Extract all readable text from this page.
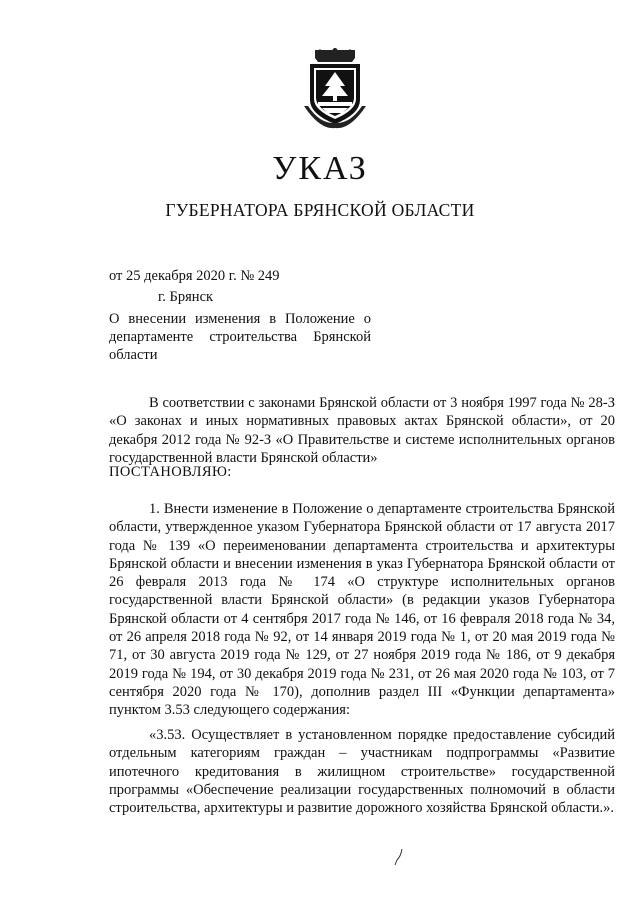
УКАЗ
ГУБЕРНАТОРА БРЯНСКОЙ ОБЛАСТИ
от 25 декабря 2020 г. № 249
г. Брянск
О внесении изменения в Положение о департаменте строительства Брянской области
В соответствии с законами Брянской области от 3 ноября 1997 года № 28-З «О законах и иных нормативных правовых актах Брянской области», от 20 декабря 2012 года № 92-З «О Правительстве и системе исполнительных органов государственной власти Брянской области»
ПОСТАНОВЛЯЮ:
1. Внести изменение в Положение о департаменте строительства Брянской области, утвержденное указом Губернатора Брянской области от 17 августа 2017 года № 139 «О переименовании департамента строительства и архитектуры Брянской области и внесении изменения в указ Губернатора Брянской области от 26 февраля 2013 года № 174 «О структуре исполнительных органов государственной власти Брянской области» (в редакции указов Губернатора Брянской области от 4 сентября 2017 года № 146, от 16 февраля 2018 года № 34, от 26 апреля 2018 года № 92, от 14 января 2019 года № 1, от 20 мая 2019 года № 71, от 30 августа 2019 года № 129, от 27 ноября 2019 года № 186, от 9 декабря 2019 года № 194, от 30 декабря 2019 года № 231, от 26 мая 2020 года № 103, от 7 сентября 2020 года № 170), дополнив раздел III «Функции департамента» пунктом 3.53 следующего содержания:
«3.53. Осуществляет в установленном порядке предоставление субсидий отдельным категориям граждан – участникам подпрограммы «Развитие ипотечного кредитования в жилищном строительстве» государственной программы «Обеспечение реализации государственных полномочий в области строительства, архитектуры и развитие дорожного хозяйства Брянской области.».
